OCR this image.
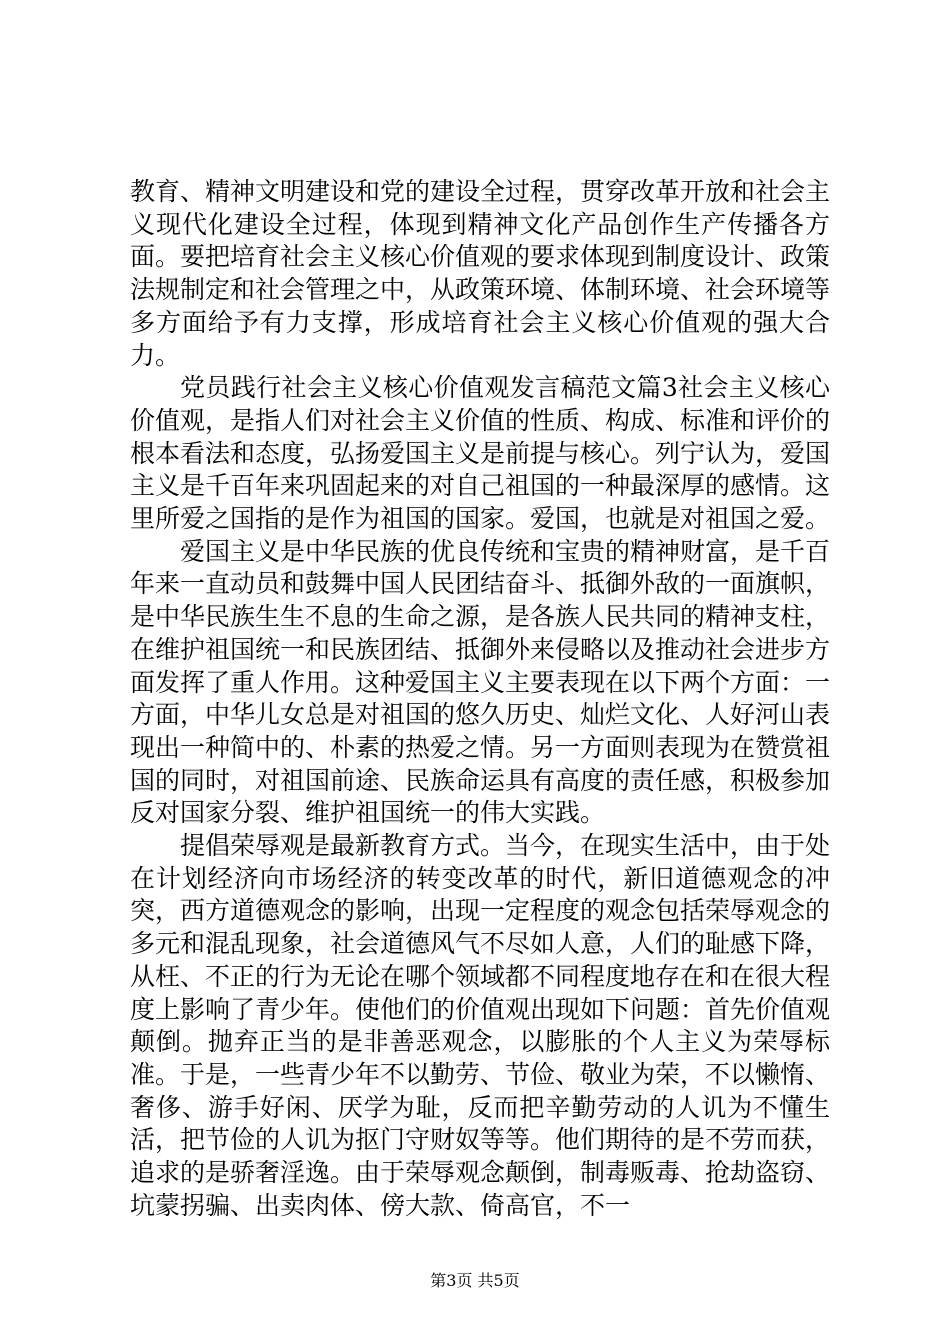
教育、精神文明建设和党的建设全过程，贯穿改革开放和社会主义现代化建设全过程，体现到精神文化产品创作生产传播各方面。要把培育社会主义核心价值观的要求体现到制度设计、政策法规制定和社会管理之中，从政策环境、体制环境、社会环境等多方面给予有力支撑，形成培育社会主义核心价值观的强大合力。

党员践行社会主义核心价值观发言稿范文篇3社会主义核心价值观，是指人们对社会主义价值的性质、构成、标准和评价的根本看法和态度，弘扬爱国主义是前提与核心。列宁认为，爱国主义是千百年来巩固起来的对自己祖国的一种最深厚的感情。这里所爱之国指的是作为祖国的国家。爱国，也就是对祖国之爱。

爱国主义是中华民族的优良传统和宝贵的精神财富，是千百年来一直动员和鼓舞中国人民团结奋斗、抵御外敌的一面旗帜，是中华民族生生不息的生命之源，是各族人民共同的精神支柱，在维护祖国统一和民族团结、抵御外来侵略以及推动社会进步方面发挥了重人作用。这种爱国主义主要表现在以下两个方面：一方面，中华儿女总是对祖国的悠久历史、灿烂文化、人好河山表现出一种简中的、朴素的热爱之情。另一方面则表现为在赞赏祖国的同时，对祖国前途、民族命运具有高度的责任感，积极参加反对国家分裂、维护祖国统一的伟大实践。

提倡荣辱观是最新教育方式。当今，在现实生活中，由于处在计划经济向市场经济的转变改革的时代，新旧道德观念的冲突，西方道德观念的影响，出现一定程度的观念包括荣辱观念的多元和混乱现象，社会道德风气不尽如人意，人们的耻感下降，从枉、不正的行为无论在哪个领域都不同程度地存在和在很大程度上影响了青少年。使他们的价值观出现如下问题：首先价值观颠倒。抛弃正当的是非善恶观念，以膨胀的个人主义为荣辱标准。于是，一些青少年不以勤劳、节俭、敬业为荣，不以懒惰、奢侈、游手好闲、厌学为耻，反而把辛勤劳动的人讥为不懂生活，把节俭的人讥为抠门守财奴等等。他们期待的是不劳而获，追求的是骄奢淫逸。由于荣辱观念颠倒，制毒贩毒、抢劫盗窃、坑蒙拐骗、出卖肉体、傍大款、倚高官，不一

第3页 共5页
